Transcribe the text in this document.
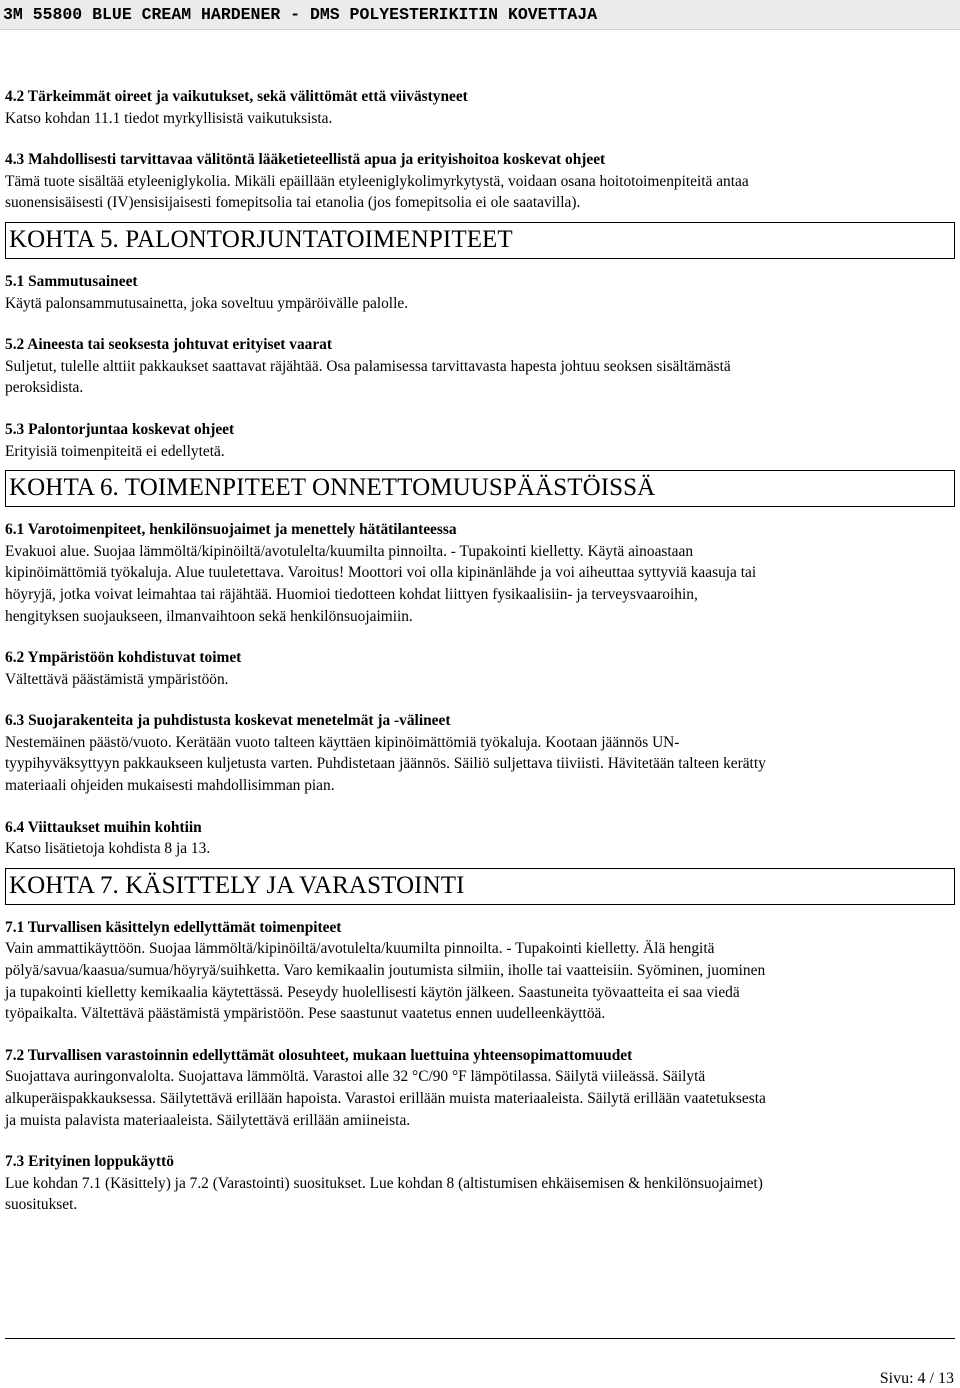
3M 55800 BLUE CREAM HARDENER - DMS POLYESTERIKITIN KOVETTAJA

4.2 Tärkeimmät oireet ja vaikutukset, sekä välittömät että viivästyneet

Katso kohdan 11.1 tiedot myrkyllisistä vaikutuksista.

4.3 Mahdollisesti tarvittavaa välitöntä lääketieteellistä apua ja erityishoitoa koskevat ohjeet

Tämä tuote sisältää etyleeniglykolia. Mikäli epäillään etyleeniglykolimyrkytystä, voidaan osana hoitotoimenpiteitä antaa

suonensisäisesti (IV)ensisijaisesti fomepitsolia tai etanolia (jos fomepitsolia ei ole saatavilla).

KOHTA 5. PALONTORJUNTATOIMENPITEET

5.1 Sammutusaineet

Käytä palonsammutusainetta, joka soveltuu ympäröivälle palolle.

5.2 Aineesta tai seoksesta johtuvat erityiset vaarat

Suljetut, tulelle alttiit pakkaukset saattavat räjähtää. Osa palamisessa tarvittavasta hapesta johtuu seoksen sisältämästä

peroksidista.

5.3 Palontorjuntaa koskevat ohjeet

Erityisiä toimenpiteitä ei edellytetä.

KOHTA 6. TOIMENPITEET ONNETTOMUUSPÄÄSTÖISSÄ

6.1 Varotoimenpiteet, henkilönsuojaimet ja menettely hätätilanteessa

Evakuoi alue. Suojaa lämmöltä/kipinöiltä/avotulelta/kuumilta pinnoilta. - Tupakointi kielletty. Käytä ainoastaan

kipinöimättömiä työkaluja. Alue tuuletettava. Varoitus! Moottori voi olla kipinänlähde ja voi aiheuttaa syttyviä kaasuja tai

höyryjä, jotka voivat leimahtaa tai räjähtää. Huomioi tiedotteen kohdat liittyen fysikaalisiin- ja terveysvaaroihin,

hengityksen suojaukseen, ilmanvaihtoon sekä henkilönsuojaimiin.

6.2 Ympäristöön kohdistuvat toimet

Vältettävä päästämistä ympäristöön.

6.3 Suojarakenteita ja puhdistusta koskevat menetelmät ja -välineet

Nestemäinen päästö/vuoto. Kerätään vuoto talteen käyttäen kipinöimättömiä työkaluja. Kootaan jäännös UN-

tyypihyväksyttyyn pakkaukseen kuljetusta varten. Puhdistetaan jäännös. Säiliö suljettava tiiviisti. Hävitetään talteen kerätty

materiaali ohjeiden mukaisesti mahdollisimman pian.

6.4 Viittaukset muihin kohtiin

Katso lisätietoja kohdista 8 ja 13.

KOHTA 7. KÄSITTELY JA VARASTOINTI

7.1 Turvallisen käsittelyn edellyttämät toimenpiteet

Vain ammattikäyttöön. Suojaa lämmöltä/kipinöiltä/avotulelta/kuumilta pinnoilta. - Tupakointi kielletty. Älä hengitä

pölyä/savua/kaasua/sumua/höyryä/suihketta. Varo kemikaalin joutumista silmiin, iholle tai vaatteisiin. Syöminen, juominen

ja tupakointi kielletty kemikaalia käytettässä. Peseydy huolellisesti käytön jälkeen. Saastuneita työvaatteita ei saa viedä

työpaikalta. Vältettävä päästämistä ympäristöön. Pese saastunut vaatetus ennen uudelleenkäyttöä.

7.2 Turvallisen varastoinnin edellyttämät olosuhteet, mukaan luettuina yhteensopimattomuudet

Suojattava auringonvalolta. Suojattava lämmöltä. Varastoi alle 32 °C/90 °F lämpötilassa. Säilytä viileässä. Säilytä

alkuperäispakkauksessa. Säilytettävä erillään hapoista. Varastoi erillään muista materiaaleista. Säilytä erillään vaatetuksesta

ja muista palavista materiaaleista. Säilytettävä erillään amiineista.

7.3 Erityinen loppukäyttö

Lue kohdan 7.1 (Käsittely) ja 7.2 (Varastointi) suositukset. Lue kohdan 8 (altistumisen ehkäisemisen & henkilönsuojaimet)

suositukset.

Sivu: 4 / 13
